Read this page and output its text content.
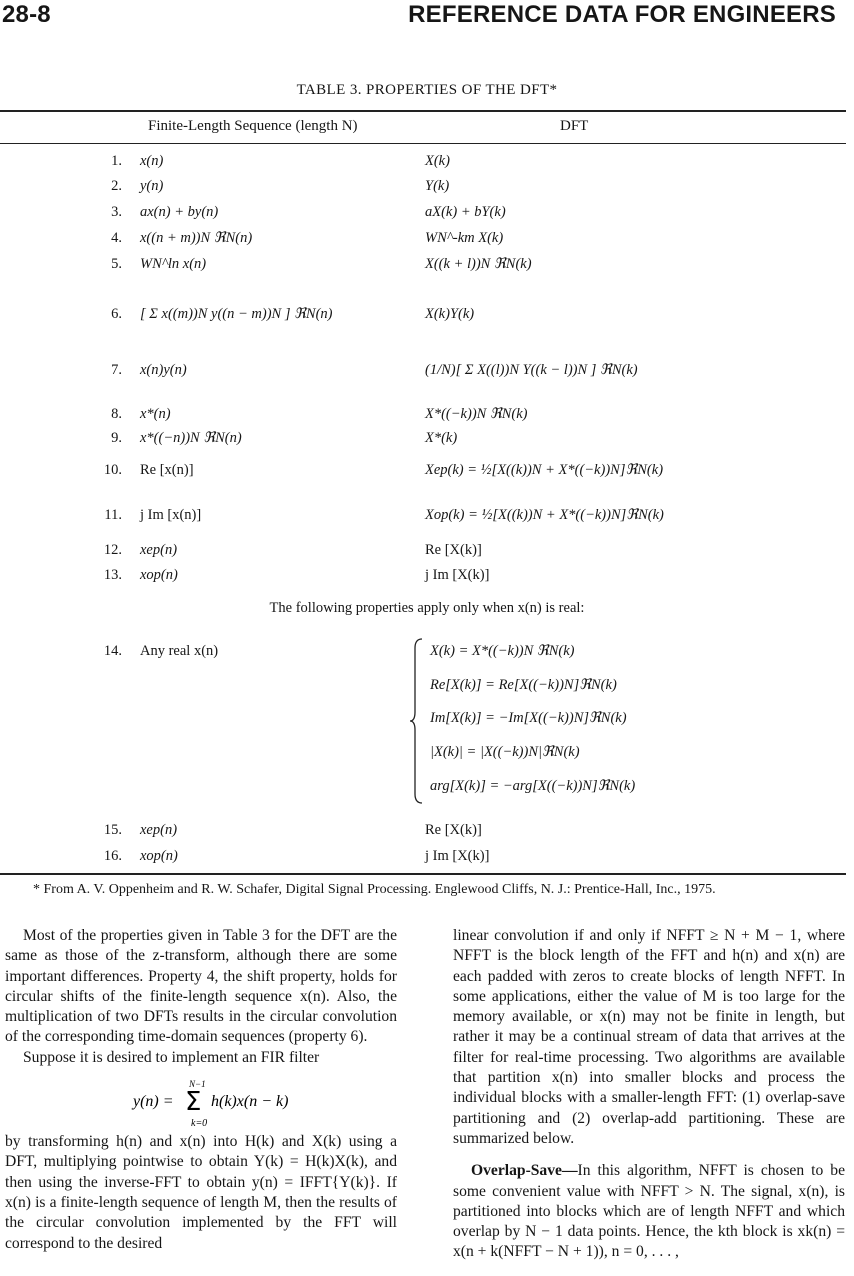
28-8	REFERENCE DATA FOR ENGINEERS
TABLE 3. PROPERTIES OF THE DFT*
Finite-Length Sequence (length N)	DFT
1. x(n)	X(k)
2. y(n)	Y(k)
3. ax(n) + by(n)	aX(k) + bY(k)
4. x((n + m))N ℜN(n)	WN^-km X(k)
5. WN^ln x(n)	X((k + l))N ℜN(k)
6. [ Σ x((m))N y((n − m))N ] ℜN(n)	X(k)Y(k)
7. x(n)y(n)	(1/N)[ Σ X((l))N Y((k − l))N ] ℜN(k)
8. x*(n)	X*((−k))N ℜN(k)
9. x*((−n))N ℜN(n)	X*(k)
10. Re [x(n)]	Xep(k) = ½[X((k))N + X*((−k))N]ℜN(k)
11. j Im [x(n)]	Xop(k) = ½[X((k))N + X*((−k))N]ℜN(k)
12. xep(n)	Re [X(k)]
13. xop(n)	j Im [X(k)]
The following properties apply only when x(n) is real:
14. Any real x(n)	X(k) = X*((−k))N ℜN(k)
Re[X(k)] = Re[X((−k))N]ℜN(k)
Im[X(k)] = −Im[X((−k))N]ℜN(k)
|X(k)| = |X((−k))N|ℜN(k)
arg[X(k)] = −arg[X((−k))N]ℜN(k)
15. xep(n)	Re [X(k)]
16. xop(n)	j Im [X(k)]
* From A. V. Oppenheim and R. W. Schafer, Digital Signal Processing. Englewood Cliffs, N. J.: Prentice-Hall, Inc., 1975.

Most of the properties given in Table 3 for the DFT are the same as those of the z-transform, although there are some important differences. Property 4, the shift property, holds for circular shifts of the finite-length sequence x(n). Also, the multiplication of two DFTs results in the circular convolution of the corresponding time-domain sequences (property 6).

Suppose it is desired to implement an FIR filter

y(n) =
N−1
Σ
k=0
h(k)x(n − k)

by transforming h(n) and x(n) into H(k) and X(k) using a DFT, multiplying pointwise to obtain Y(k) = H(k)X(k), and then using the inverse-FFT to obtain y(n) = IFFT{Y(k)}. If x(n) is a finite-length sequence of length M, then the results of the circular convolution implemented by the FFT will correspond to the desired

linear convolution if and only if NFFT ≥ N + M − 1, where NFFT is the block length of the FFT and h(n) and x(n) are each padded with zeros to create blocks of length NFFT. In some applications, either the value of M is too large for the memory available, or x(n) may not be finite in length, but rather it may be a continual stream of data that arrives at the filter for real-time processing. Two algorithms are available that partition x(n) into smaller blocks and process the individual blocks with a smaller-length FFT: (1) overlap-save partitioning and (2) overlap-add partitioning. These are summarized below.

Overlap-Save—In this algorithm, NFFT is chosen to be some convenient value with NFFT > N. The signal, x(n), is partitioned into blocks which are of length NFFT and which overlap by N − 1 data points. Hence, the kth block is xk(n) = x(n + k(NFFT − N + 1)), n = 0, . . . ,
